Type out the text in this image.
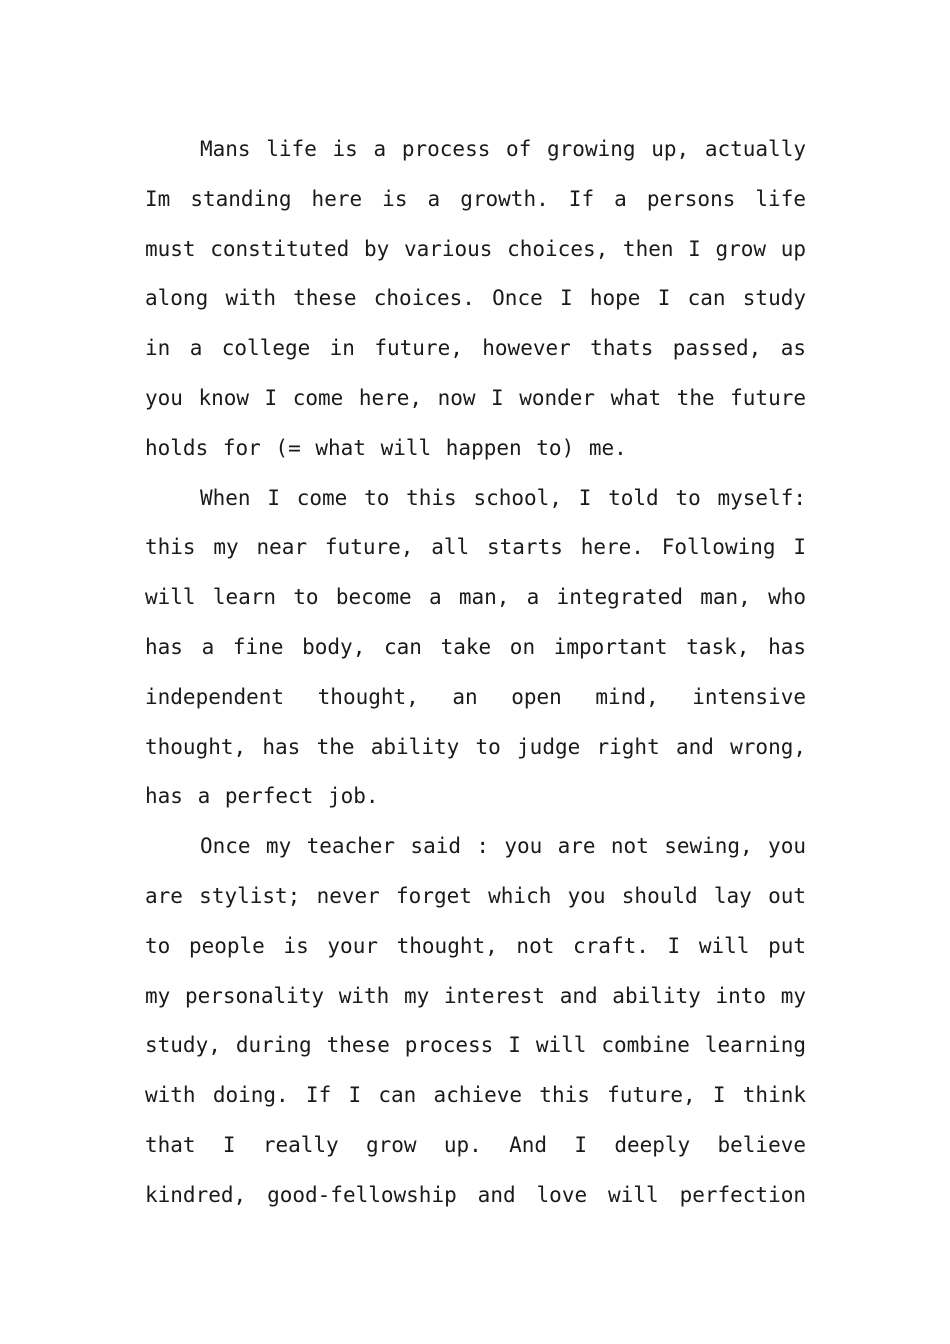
Mans life is a process of growing up, actually Im standing here is a growth. If a persons life must constituted by various choices, then I grow up along with these choices. Once I hope I can study in a college in future, however thats passed, as you know I come here, now I wonder what the future holds for (= what will happen to) me.

When I come to this school, I told to myself: this my near future, all starts here. Following I will learn to become a man, a integrated man, who has a fine body, can take on important task, has independent thought, an open mind, intensive thought, has the ability to judge right and wrong, has a perfect job.

Once my teacher said : you are not sewing, you are stylist; never forget which you should lay out to people is your thought, not craft. I will put my personality with my interest and ability into my study, during these process I will combine learning with doing. If I can achieve this future, I think that I really grow up. And I deeply believe kindred, good-fellowship and love will perfection
